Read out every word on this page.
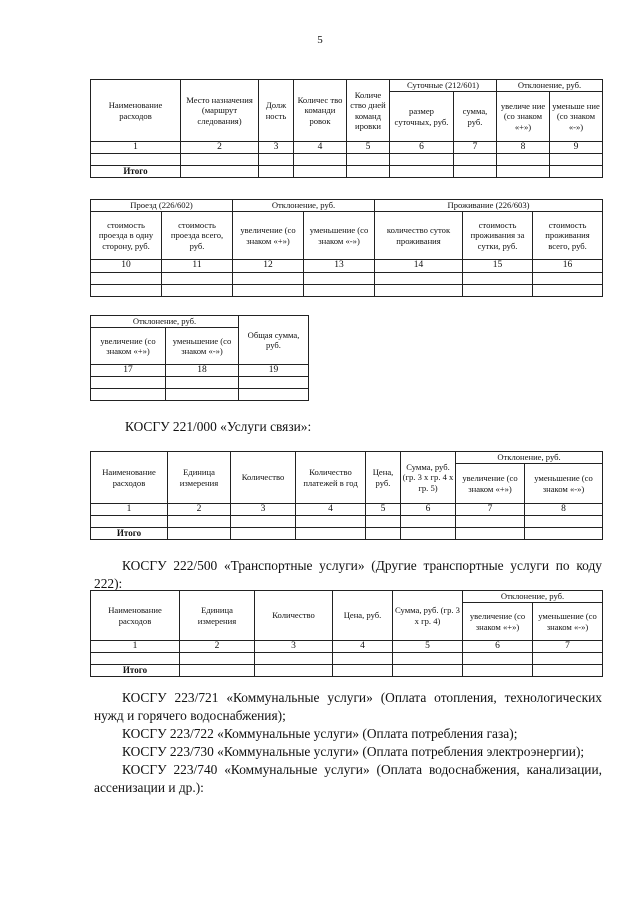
5
Наименование расходов	Место назначения (маршрут следования)	Долж ность	Количес тво команди ровок	Количе ство дней команд ировки	Суточные (212/601)		Отклонение, руб.	
					размер суточных, руб.	сумма, руб.	увеличе ние (со знаком «+»)	уменьше ние (со знаком «-»)
1	2	3	4	5	6	7	8	9

Итого								
Проезд (226/602)		Отклонение, руб.		Проживание (226/603)		
стоимость проезда в одну сторону, руб.	стоимость проезда всего, руб.	увеличение (со знаком «+»)	уменьшение (со знаком «-»)	количество суток проживания	стоимость проживания за сутки, руб.	стоимость проживания всего, руб.
10	11	12	13	14	15	16

Отклонение, руб.		Общая сумма, руб.
увеличение (со знаком «+»)	уменьшение (со знаком «-»)	
17	18	19

КОСГУ 221/000 «Услуги связи»:
Наименование расходов	Единица измерения	Количество	Количество платежей в год	Цена, руб.	Сумма, руб. (гр. 3 х гр. 4 х гр. 5)	Отклонение, руб.	
						увеличение (со знаком «+»)	уменьшение (со знаком «-»)
1	2	3	4	5	6	7	8

Итого							

КОСГУ 222/500 «Транспортные услуги» (Другие транспортные услуги по коду 222):

Наименование расходов	Единица измерения	Количество	Цена, руб.	Сумма, руб. (гр. 3 х гр. 4)	Отклонение, руб.	
					увеличение (со знаком «+»)	уменьшение (со знаком «-»)
1	2	3	4	5	6	7

Итого						

КОСГУ 223/721 «Коммунальные услуги» (Оплата отопления, технологических нужд и горячего водоснабжения);

КОСГУ 223/722 «Коммунальные услуги» (Оплата потребления газа);

КОСГУ 223/730 «Коммунальные услуги» (Оплата потребления электроэнергии);

КОСГУ 223/740 «Коммунальные услуги» (Оплата водоснабжения, канализации, ассенизации и др.):
